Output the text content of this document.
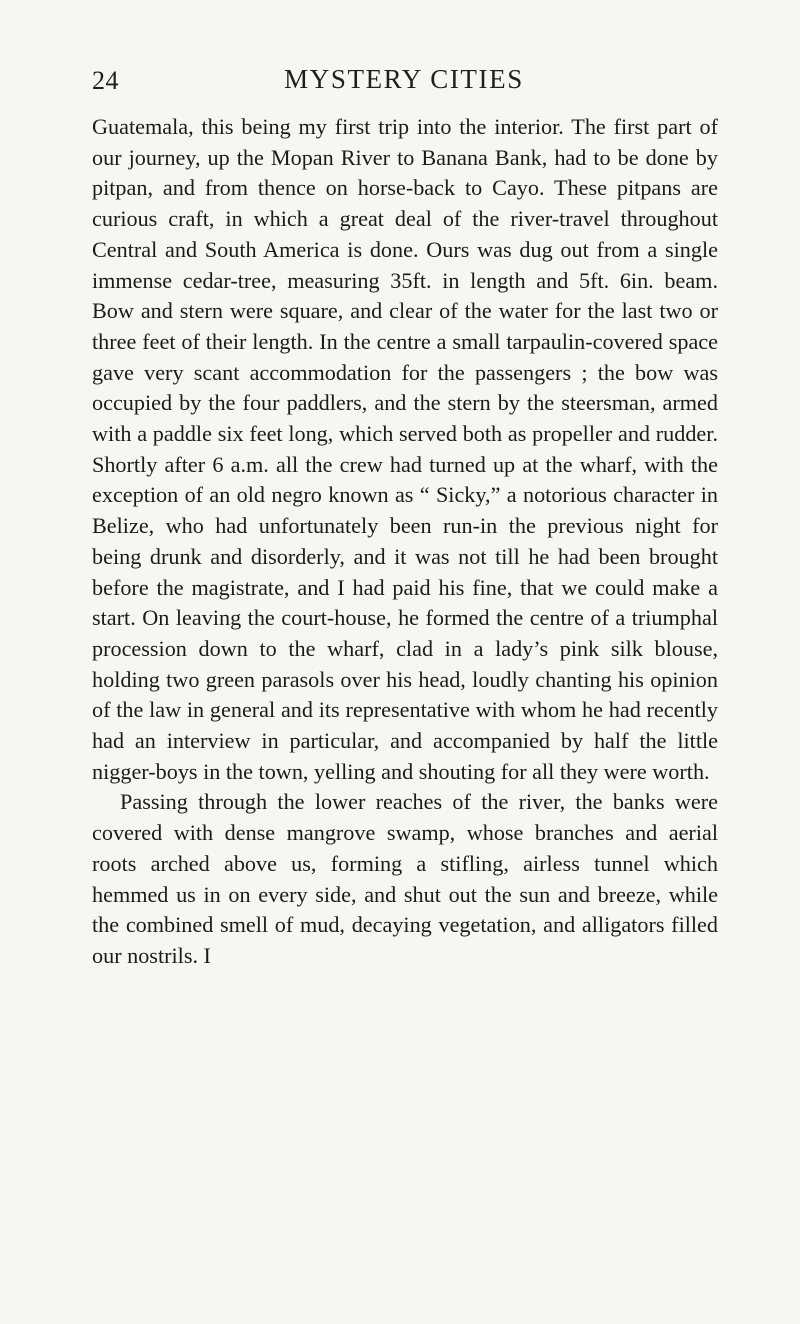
24	MYSTERY CITIES

Guatemala, this being my first trip into the interior. The first part of our journey, up the Mopan River to Banana Bank, had to be done by pitpan, and from thence on horse-back to Cayo. These pitpans are curious craft, in which a great deal of the river-travel throughout Central and South America is done. Ours was dug out from a single immense cedar-tree, measuring 35ft. in length and 5ft. 6in. beam. Bow and stern were square, and clear of the water for the last two or three feet of their length. In the centre a small tarpaulin-covered space gave very scant accommodation for the passengers ; the bow was occupied by the four paddlers, and the stern by the steersman, armed with a paddle six feet long, which served both as propeller and rudder. Shortly after 6 a.m. all the crew had turned up at the wharf, with the exception of an old negro known as “ Sicky,” a notorious character in Belize, who had unfortunately been run-in the previous night for being drunk and disorderly, and it was not till he had been brought before the magistrate, and I had paid his fine, that we could make a start. On leaving the court-house, he formed the centre of a triumphal procession down to the wharf, clad in a lady’s pink silk blouse, holding two green parasols over his head, loudly chanting his opinion of the law in general and its representative with whom he had recently had an interview in particular, and accompanied by half the little nigger-boys in the town, yelling and shouting for all they were worth.

Passing through the lower reaches of the river, the banks were covered with dense mangrove swamp, whose branches and aerial roots arched above us, forming a stifling, airless tunnel which hemmed us in on every side, and shut out the sun and breeze, while the combined smell of mud, decaying vegetation, and alligators filled our nostrils. I
